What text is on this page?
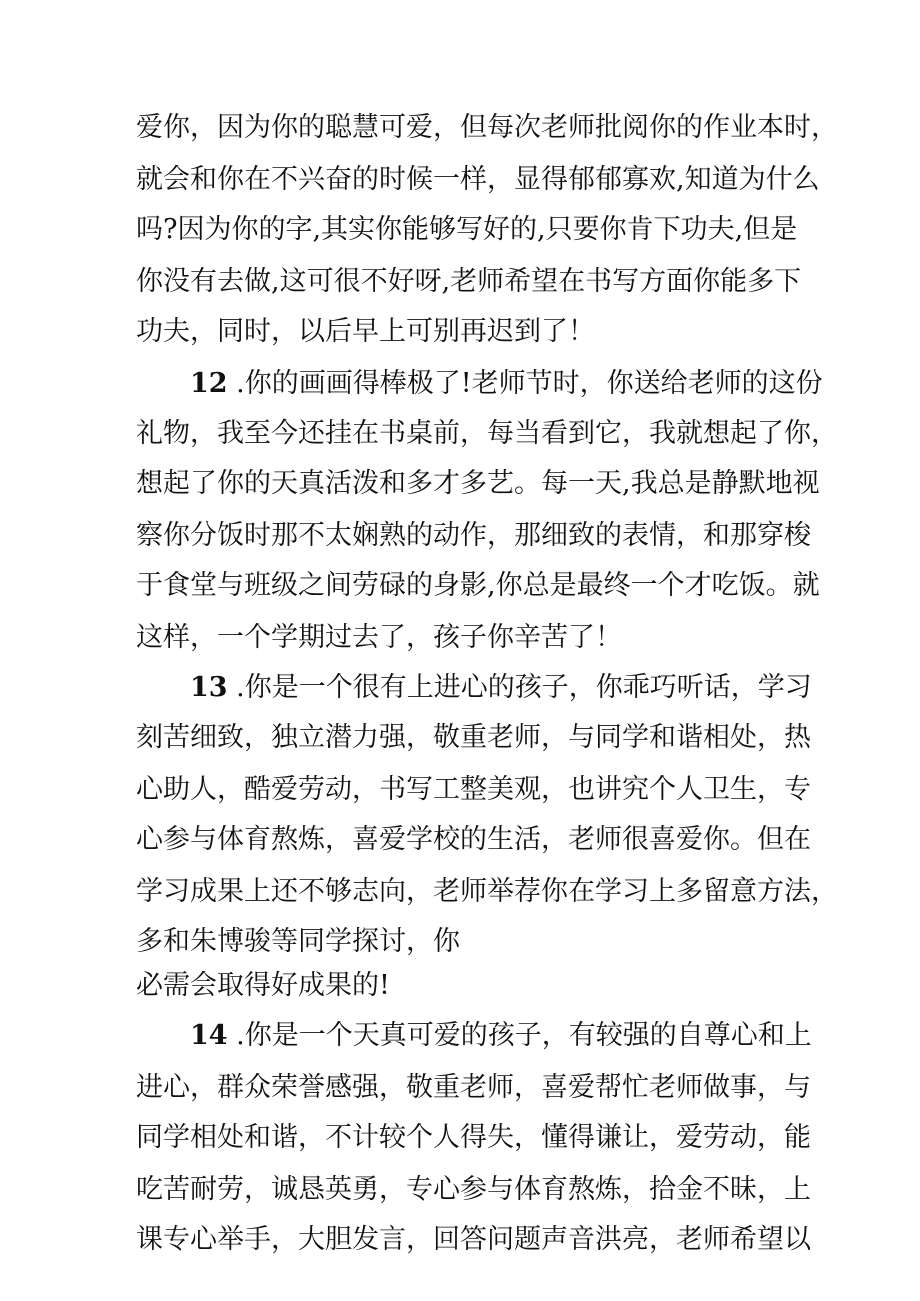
爱你，因为你的聪慧可爱，但每次老师批阅你的作业本时，
就会和你在不兴奋的时候一样，显得郁郁寡欢,知道为什么
吗?因为你的字,其实你能够写好的,只要你肯下功夫,但是
你没有去做,这可很不好呀,老师希望在书写方面你能多下
功夫，同时，以后早上可别再迟到了！
12 .你的画画得棒极了!老师节时，你送给老师的这份
礼物，我至今还挂在书桌前，每当看到它，我就想起了你，
想起了你的天真活泼和多才多艺。每一天,我总是静默地视
察你分饭时那不太娴熟的动作，那细致的表情，和那穿梭
于食堂与班级之间劳碌的身影,你总是最终一个才吃饭。就
这样，一个学期过去了，孩子你辛苦了！
13 .你是一个很有上进心的孩子，你乖巧听话，学习
刻苦细致，独立潜力强，敬重老师，与同学和谐相处，热
心助人，酷爱劳动，书写工整美观，也讲究个人卫生，专
心参与体育熬炼，喜爱学校的生活，老师很喜爱你。但在
学习成果上还不够志向，老师举荐你在学习上多留意方法，
多和朱博骏等同学探讨，你
必需会取得好成果的!
14 .你是一个天真可爱的孩子，有较强的自尊心和上
进心，群众荣誉感强，敬重老师，喜爱帮忙老师做事，与
同学相处和谐，不计较个人得失，懂得谦让，爱劳动，能
吃苦耐劳，诚恳英勇，专心参与体育熬炼，拾金不昧，上
课专心举手，大胆发言，回答问题声音洪亮，老师希望以
